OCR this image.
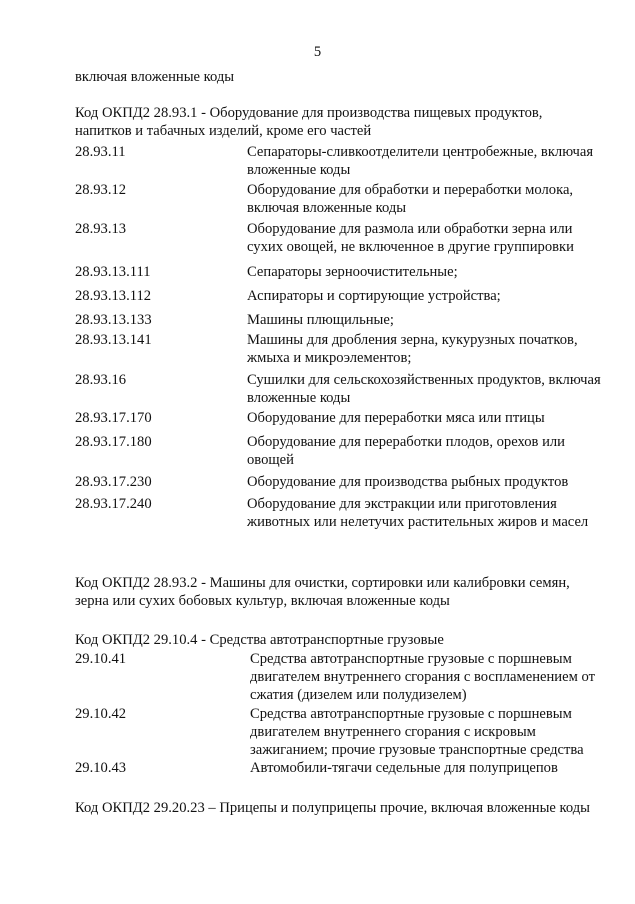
5

включая вложенные коды

Код ОКПД2 28.93.1 - Оборудование для производства пищевых продуктов, напитков и табачных изделий, кроме его частей

28.93.11	Сепараторы-сливкоотделители центробежные, включая вложенные коды
28.93.12	Оборудование для обработки и переработки молока, включая вложенные коды
28.93.13	Оборудование для размола или обработки зерна или сухих овощей, не включенное в другие группировки
28.93.13.111	Сепараторы зерноочистительные;
28.93.13.112	Аспираторы и сортирующие устройства;
28.93.13.133	Машины плющильные;
28.93.13.141	Машины для дробления зерна, кукурузных початков, жмыха и микроэлементов;
28.93.16	Сушилки для сельскохозяйственных продуктов, включая вложенные коды
28.93.17.170	Оборудование для переработки мяса или птицы
28.93.17.180	Оборудование для переработки плодов, орехов или овощей
28.93.17.230	Оборудование для производства рыбных продуктов
28.93.17.240	Оборудование для экстракции или приготовления животных или нелетучих растительных жиров и масел

Код ОКПД2 28.93.2 - Машины для очистки, сортировки или калибровки семян, зерна или сухих бобовых культур, включая вложенные коды

Код ОКПД2 29.10.4 - Средства автотранспортные грузовые

29.10.41	Средства автотранспортные грузовые с поршневым двигателем внутреннего сгорания с воспламенением от сжатия (дизелем или полудизелем)
29.10.42	Средства автотранспортные грузовые с поршневым двигателем внутреннего сгорания с искровым зажиганием; прочие грузовые транспортные средства
29.10.43	Автомобили-тягачи седельные для полуприцепов

Код ОКПД2 29.20.23 – Прицепы и полуприцепы прочие, включая вложенные коды
